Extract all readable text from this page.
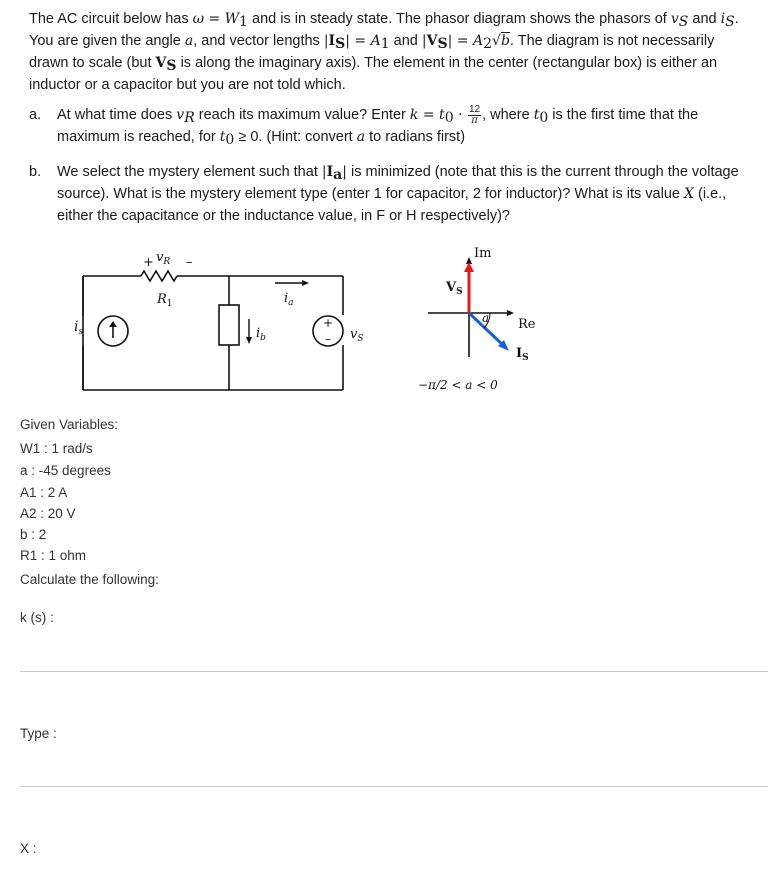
The AC circuit below has $\omega = W_1$ and is in steady state. The phasor diagram shows the phasors of $v_S$ and $i_S$. You are given the angle a, and vector lengths $|I_S| = A_1$ and $|V_S| = A_2√b$. The diagram is not necessarily drawn to scale (but $V_S$ is along the imaginary axis). The element in the center (rectangular box) is either an inductor or a capacitor but you are not told which.

a. At what time does $v_R$ reach its maximum value? Enter $k = t_0 \cdot \frac{12}{\pi}$ , where $t_0$ is the first time that the maximum is reached, for $t_0 \ge 0$. (Hint: convert a to radians first)
b. We select the mystery element such that $|I_a|$ is minimized (note that this is the current through the voltage source). What is the mystery element type (enter 1 for capacitor, 2 for inductor)? What is its value X (i.e., either the capacitance or the inductance value, in F or H respectively)?
+
–
+ –
$v_R$
$R_1$	$i_a$
$i_b$
$i_s$	$v_S$
a
Im
Re
$V_S$
$I_S$
−π/2 < a < 0
Given Variables:
W1 : 1 rad/s
a : -45 degrees
A1 : 2 A
A2 : 20 V
b : 2
R1 : 1 ohm
Calculate the following:
k (s) :
Type :
X :
